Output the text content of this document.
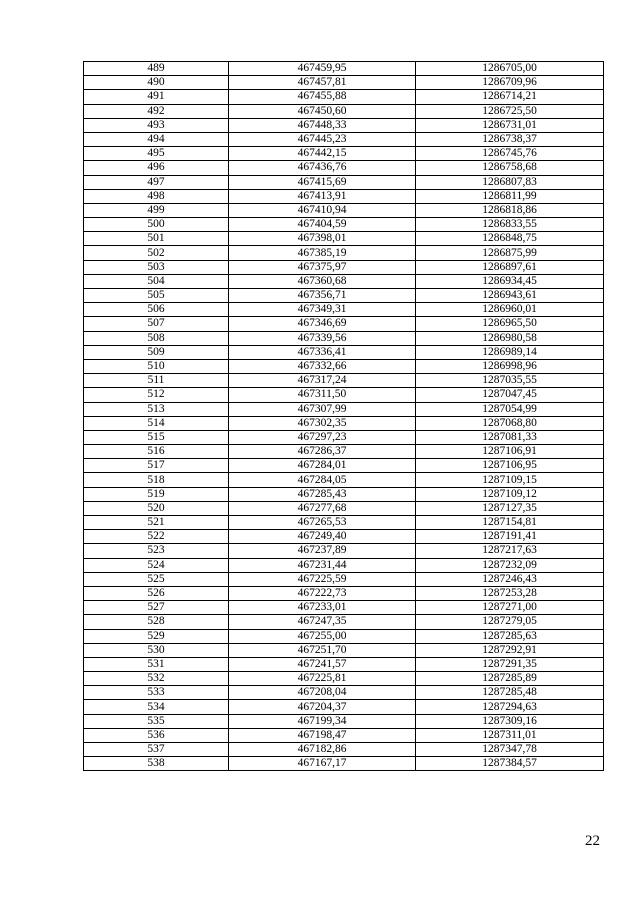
489	467459,95	1286705,00
490	467457,81	1286709,96
491	467455,88	1286714,21
492	467450,60	1286725,50
493	467448,33	1286731,01
494	467445,23	1286738,37
495	467442,15	1286745,76
496	467436,76	1286758,68
497	467415,69	1286807,83
498	467413,91	1286811,99
499	467410,94	1286818,86
500	467404,59	1286833,55
501	467398,01	1286848,75
502	467385,19	1286875,99
503	467375,97	1286897,61
504	467360,68	1286934,45
505	467356,71	1286943,61
506	467349,31	1286960,01
507	467346,69	1286965,50
508	467339,56	1286980,58
509	467336,41	1286989,14
510	467332,66	1286998,96
511	467317,24	1287035,55
512	467311,50	1287047,45
513	467307,99	1287054,99
514	467302,35	1287068,80
515	467297,23	1287081,33
516	467286,37	1287106,91
517	467284,01	1287106,95
518	467284,05	1287109,15
519	467285,43	1287109,12
520	467277,68	1287127,35
521	467265,53	1287154,81
522	467249,40	1287191,41
523	467237,89	1287217,63
524	467231,44	1287232,09
525	467225,59	1287246,43
526	467222,73	1287253,28
527	467233,01	1287271,00
528	467247,35	1287279,05
529	467255,00	1287285,63
530	467251,70	1287292,91
531	467241,57	1287291,35
532	467225,81	1287285,89
533	467208,04	1287285,48
534	467204,37	1287294,63
535	467199,34	1287309,16
536	467198,47	1287311,01
537	467182,86	1287347,78
538	467167,17	1287384,57
22
